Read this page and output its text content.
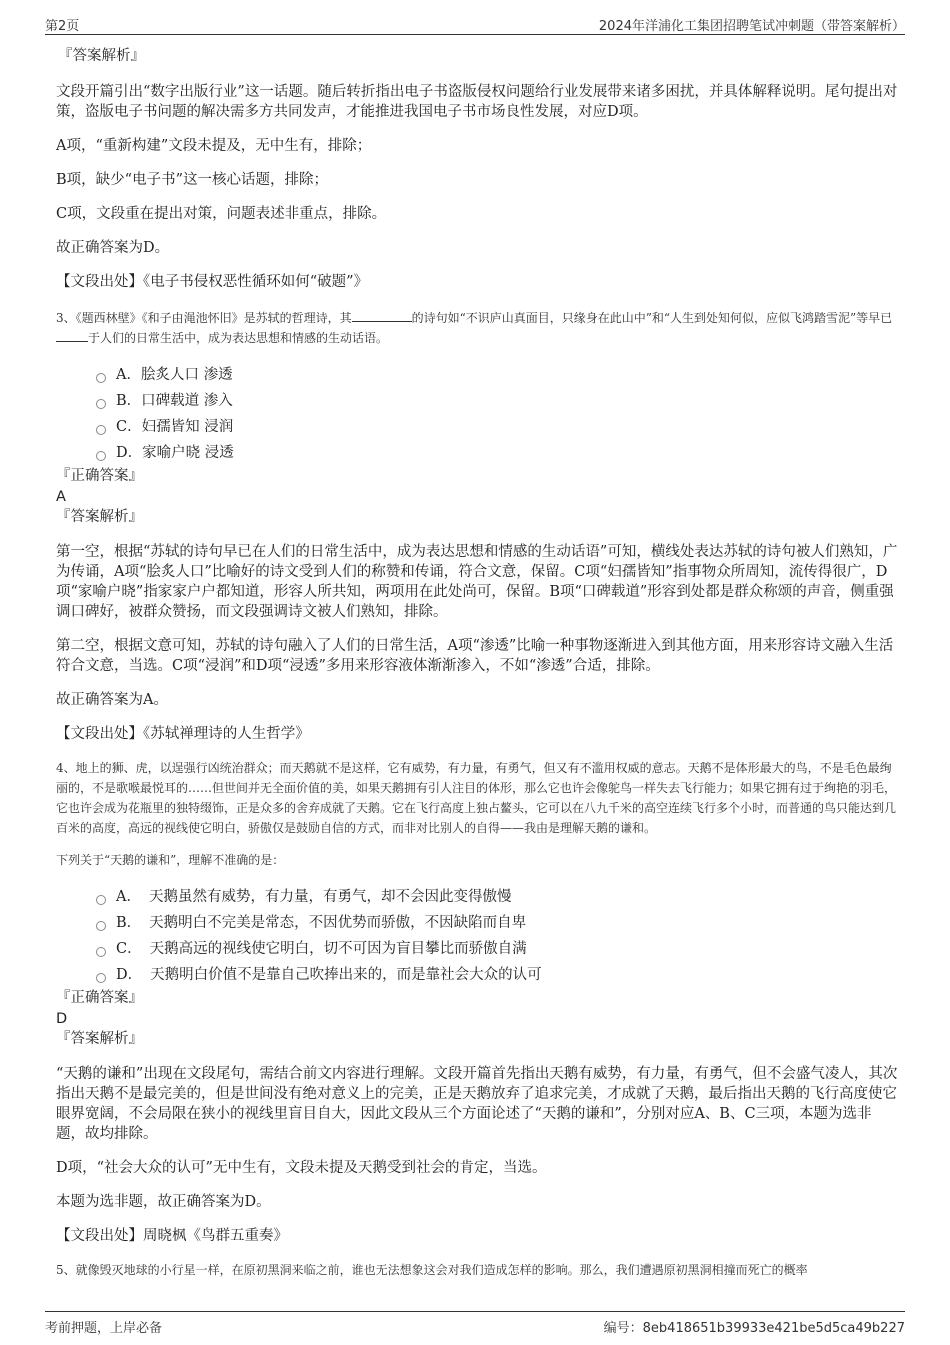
第2页	2024年洋浦化工集团招聘笔试冲刺题（带答案解析）

『答案解析』

文段开篇引出“数字出版行业”这一话题。随后转折指出电子书盗版侵权问题给行业发展带来诸多困扰，并具体解释说明。尾句提出对策，盗版电子书问题的解决需多方共同发声，才能推进我国电子书市场良性发展，对应D项。

A项，“重新构建”文段未提及，无中生有，排除；

B项，缺少“电子书”这一核心话题，排除；

C项，文段重在提出对策，问题表述非重点，排除。

故正确答案为D。

【文段出处】《电子书侵权恶性循环如何“破题”》

3、《题西林壁》《和子由渑池怀旧》是苏轼的哲理诗，其	的诗句如“不识庐山真面目，只缘身在此山中”和“人生到处知何似，应似飞鸿踏雪泥”等早已于人们的日常生活中，成为表达思想和情感的生动话语。

A． 脍炙人口 渗透
B． 口碑载道 渗入
C． 妇孺皆知 浸润
D． 家喻户晓 浸透

『正确答案』

A

『答案解析』

第一空，根据“苏轼的诗句早已在人们的日常生活中，成为表达思想和情感的生动话语”可知，横线处表达苏轼的诗句被人们熟知，广为传诵，A项“脍炙人口”比喻好的诗文受到人们的称赞和传诵，符合文意，保留。C项“妇孺皆知”指事物众所周知，流传得很广，D项“家喻户晓”指家家户户都知道，形容人所共知，两项用在此处尚可，保留。B项“口碑载道”形容到处都是群众称颂的声音，侧重强调口碑好，被群众赞扬，而文段强调诗文被人们熟知，排除。

第二空，根据文意可知，苏轼的诗句融入了人们的日常生活，A项“渗透”比喻一种事物逐渐进入到其他方面，用来形容诗文融入生活符合文意，当选。C项“浸润”和D项“浸透”多用来形容液体渐渐渗入，不如“渗透”合适，排除。

故正确答案为A。

【文段出处】《苏轼禅理诗的人生哲学》

4、地上的狮、虎，以逞强行凶统治群众；而天鹅就不是这样，它有威势，有力量，有勇气，但又有不滥用权威的意志。天鹅不是体形最大的鸟，不是毛色最绚丽的，不是歌喉最悦耳的……但世间并无全面价值的美，如果天鹅拥有引人注目的体形，那么它也许会像鸵鸟一样失去飞行能力；如果它拥有过于绚艳的羽毛，它也许会成为花瓶里的独特缀饰，正是众多的舍弃成就了天鹅。它在飞行高度上独占鳌头，它可以在八九千米的高空连续飞行多个小时，而普通的鸟只能达到几百米的高度，高远的视线使它明白，骄傲仅是鼓励自信的方式，而非对比别人的自得——我由是理解天鹅的谦和。

下列关于“天鹅的谦和”，理解不准确的是：

A． 天鹅虽然有威势，有力量，有勇气，却不会因此变得傲慢
B． 天鹅明白不完美是常态，不因优势而骄傲，不因缺陷而自卑
C． 天鹅高远的视线使它明白，切不可因为盲目攀比而骄傲自满
D． 天鹅明白价值不是靠自己吹捧出来的，而是靠社会大众的认可

『正确答案』

D

『答案解析』

“天鹅的谦和”出现在文段尾句，需结合前文内容进行理解。文段开篇首先指出天鹅有威势，有力量，有勇气，但不会盛气凌人，其次指出天鹅不是最完美的，但是世间没有绝对意义上的完美，正是天鹅放弃了追求完美，才成就了天鹅，最后指出天鹅的飞行高度使它眼界宽阔，不会局限在狭小的视线里盲目自大，因此文段从三个方面论述了“天鹅的谦和”，分别对应A、B、C三项，本题为选非题，故均排除。

D项，“社会大众的认可”无中生有，文段未提及天鹅受到社会的肯定，当选。

本题为选非题，故正确答案为D。

【文段出处】周晓枫《鸟群五重奏》

5、就像毁灭地球的小行星一样，在原初黑洞来临之前，谁也无法想象这会对我们造成怎样的影响。那么，我们遭遇原初黑洞相撞而死亡的概率

考前押题，上岸必备	编号：8eb418651b39933e421be5d5ca49b227
